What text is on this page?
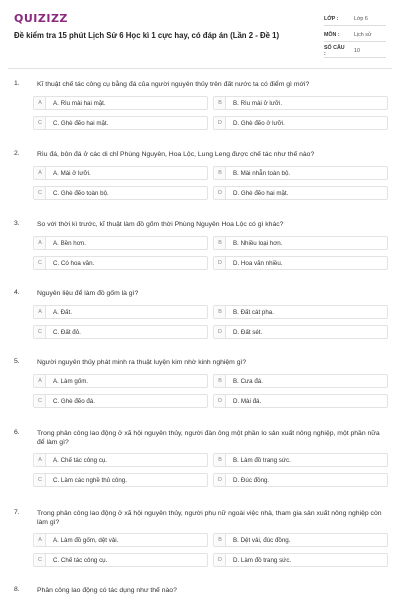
QUIZIZZ
Đề kiểm tra 15 phút Lịch Sử 6 Học kì 1 cực hay, có đáp án (Lần 2 - Đề 1)
LỚP :	Lớp 6
MÔN :	Lịch sử
SỐ CÂU :	10
1.	Kĩ thuật chế tác công cụ bằng đá của người nguyên thủy trên đất nước ta có điểm gì mới?
A	A. Rìu mài hai mặt.	B	B. Rìu mài ở lưỡi.
C	C. Ghè đẽo hai mặt.	D	D. Ghè đẽo ở lưỡi.
2.	Rìu đá, bôn đá ở các di chỉ Phùng Nguyên, Hoa Lộc, Lung Leng được chế tác như thế nào?
A	A. Mài ở lưỡi.	B	B. Mài nhẵn toàn bộ.
C	C. Ghè đẽo toàn bộ.	D	D. Ghè đẽo hai mặt.
3.	So với thời kì trước, kĩ thuật làm đồ gốm thời Phùng Nguyên Hoa Lộc có gì khác?
A	A. Bền hơn.	B	B. Nhiều loại hơn.
C	C. Có hoa văn.	D	D. Hoa văn nhiều.
4.	Nguyên liệu để làm đồ gốm là gì?
A	A. Đất.	B	B. Đất cát pha.
C	C. Đất đỏ.	D	D. Đất sét.
5.	Người nguyên thủy phát minh ra thuật luyện kim nhờ kinh nghiệm gì?
A	A. Làm gốm.	B	B. Cưa đá.
C	C. Ghè đẽo đá.	D	D. Mài đá.
6.	Trong phân công lao động ở xã hội nguyên thủy, người đàn ông một phần lo sản xuất nông nghiệp, một phần nữa để làm gì?
A	A. Chế tác công cụ.	B	B. Làm đồ trang sức.
C	C. Làm các nghề thủ công.	D	D. Đúc đồng.
7.	Trong phân công lao động ở xã hội nguyên thủy, người phụ nữ ngoài việc nhà, tham gia sản xuất nông nghiệp còn làm gì?
A	A. Làm đồ gốm, dệt vải.	B	B. Dệt vải, đúc đồng.
C	C. Chế tác công cụ.	D	D. Làm đồ trang sức.
8.	Phân công lao động có tác dụng như thế nào?
